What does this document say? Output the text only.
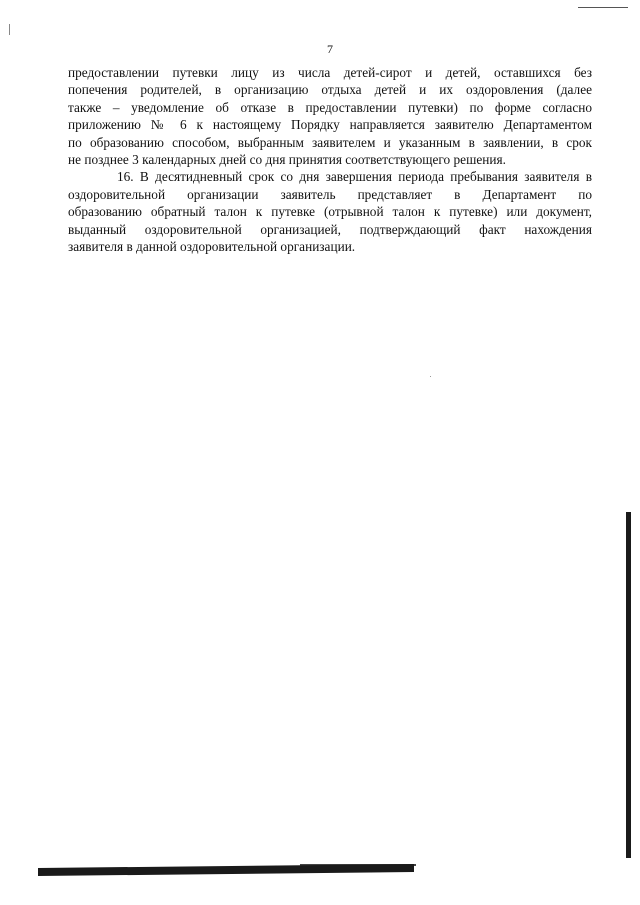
7
предоставлении путевки лицу из числа детей-сирот и детей, оставшихся без
попечения родителей, в организацию отдыха детей и их оздоровления (далее
также – уведомление об отказе в предоставлении путевки) по форме согласно
приложению № 6 к настоящему Порядку направляется заявителю Департаментом
по образованию способом, выбранным заявителем и указанным в заявлении, в срок
не позднее 3 календарных дней со дня принятия соответствующего решения.
16. В десятидневный срок со дня завершения периода пребывания заявителя в
оздоровительной организации заявитель представляет в Департамент по
образованию обратный талон к путевке (отрывной талон к путевке) или документ,
выданный оздоровительной организацией, подтверждающий факт нахождения
заявителя в данной оздоровительной организации.
